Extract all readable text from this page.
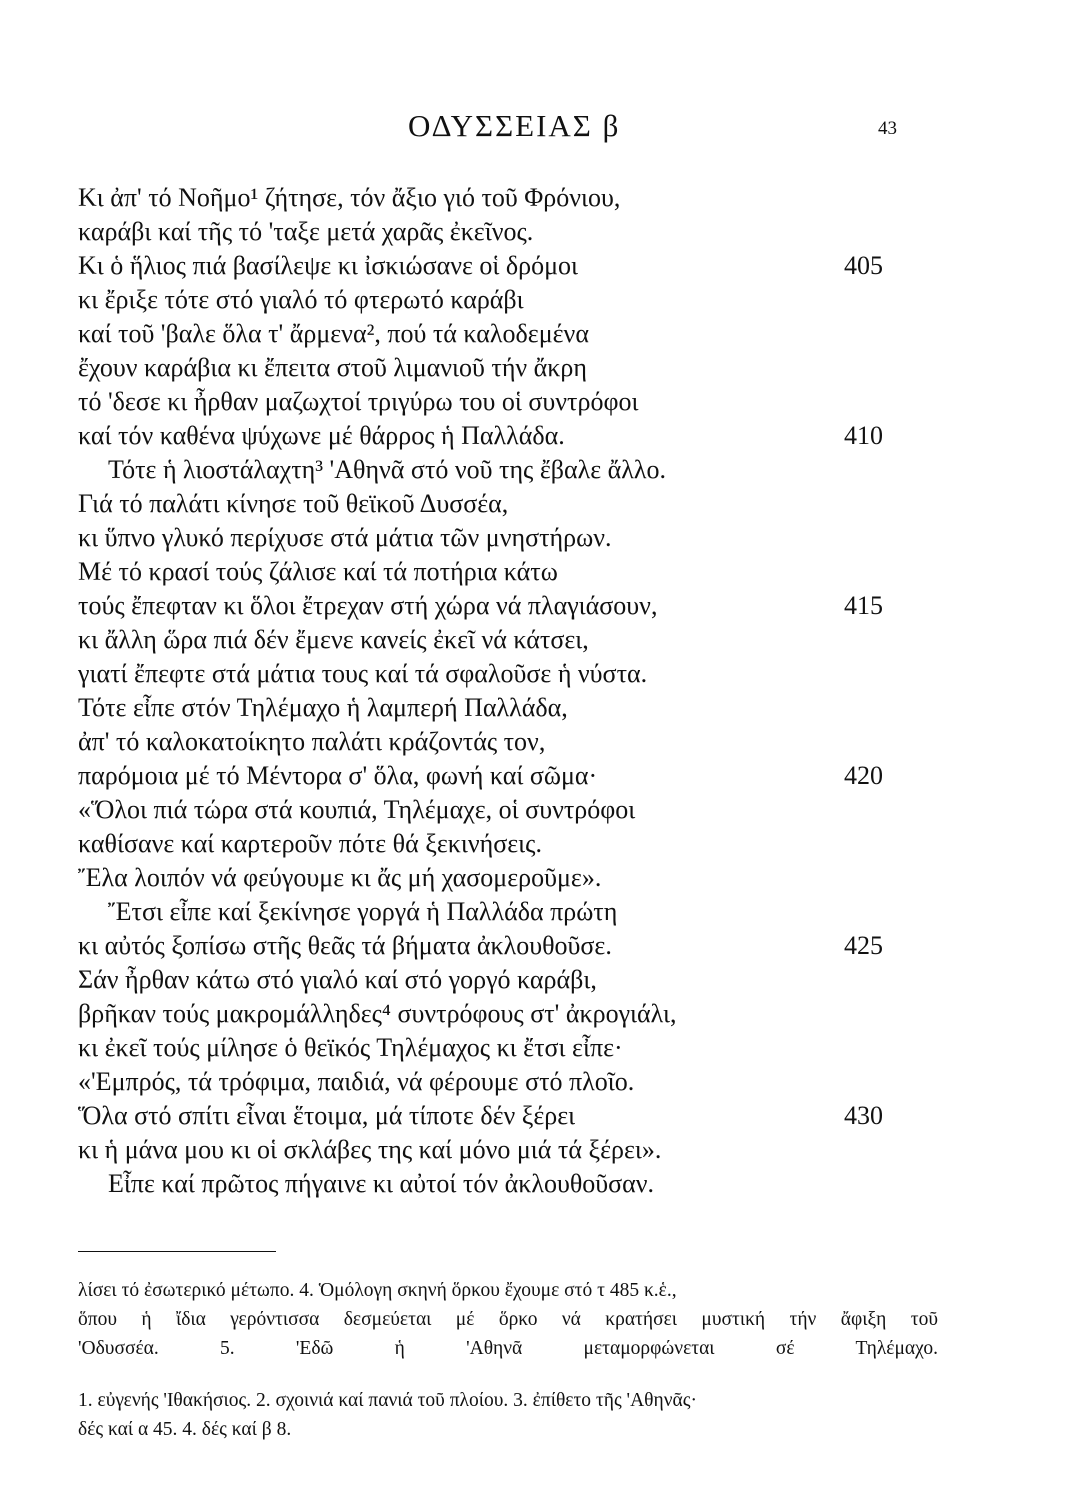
ΟΔΥΣΣΕΙΑΣ β	43
Κι ἀπ' τό Νοῆμο¹ ζήτησε, τόν ἄξιο γιό τοῦ Φρόνιου,
καράβι καί τῆς τό 'ταξε μετά χαρᾶς ἐκεῖνος.
Κι ὁ ἥλιος πιά βασίλεψε κι ἰσκιώσανε οἱ δρόμοι	405
κι ἔριξε τότε στό γιαλό τό φτερωτό καράβι
καί τοῦ 'βαλε ὅλα τ' ἄρμενα², πού τά καλοδεμένα
ἔχουν καράβια κι ἔπειτα στοῦ λιμανιοῦ τήν ἄκρη
τό 'δεσε κι ἦρθαν μαζωχτοί τριγύρω του οἱ συντρόφοι
καί τόν καθένα ψύχωνε μέ θάρρος ἡ Παλλάδα.	410
Τότε ἡ λιοστάλαχτη³ 'Αθηνᾶ στό νοῦ της ἔβαλε ἄλλο.
Γιά τό παλάτι κίνησε τοῦ θεϊκοῦ Δυσσέα,
κι ὕπνο γλυκό περίχυσε στά μάτια τῶν μνηστήρων.
Μέ τό κρασί τούς ζάλισε καί τά ποτήρια κάτω
τούς ἔπεφταν κι ὅλοι ἔτρεχαν στή χώρα νά πλαγιάσουν,	415
κι ἄλλη ὥρα πιά δέν ἔμενε κανείς ἐκεῖ νά κάτσει,
γιατί ἔπεφτε στά μάτια τους καί τά σφαλοῦσε ἡ νύστα.
Τότε εἶπε στόν Τηλέμαχο ἡ λαμπερή Παλλάδα,
ἀπ' τό καλοκατοίκητο παλάτι κράζοντάς τον,
παρόμοια μέ τό Μέντορα σ' ὅλα, φωνή καί σῶμα·	420
«Ὅλοι πιά τώρα στά κουπιά, Τηλέμαχε, οἱ συντρόφοι
καθίσανε καί καρτεροῦν πότε θά ξεκινήσεις.
Ἔλα λοιπόν νά φεύγουμε κι ἄς μή χασομεροῦμε».
Ἔτσι εἶπε καί ξεκίνησε γοργά ἡ Παλλάδα πρώτη
κι αὐτός ξοπίσω στῆς θεᾶς τά βήματα ἀκλουθοῦσε.	425
Σάν ἦρθαν κάτω στό γιαλό καί στό γοργό καράβι,
βρῆκαν τούς μακρομάλληδες⁴ συντρόφους στ' ἀκρογιάλι,
κι ἐκεῖ τούς μίλησε ὁ θεϊκός Τηλέμαχος κι ἔτσι εἶπε·
«'Εμπρός, τά τρόφιμα, παιδιά, νά φέρουμε στό πλοῖο.
Ὅλα στό σπίτι εἶναι ἕτοιμα, μά τίποτε δέν ξέρει	430
κι ἡ μάνα μου κι οἱ σκλάβες της καί μόνο μιά τά ξέρει».
Εἶπε καί πρῶτος πήγαινε κι αὐτοί τόν ἀκλουθοῦσαν.
λίσει τό ἐσωτερικό μέτωπο. 4. Ὁμόλογη σκηνή ὅρκου ἔχουμε στό τ 485 κ.ἑ.,
ὅπου ἡ ἴδια γερόντισσα δεσμεύεται μέ ὅρκο νά κρατήσει μυστική τήν ἄφιξη τοῦ
'Οδυσσέα. 5. 'Εδῶ ἡ 'Αθηνᾶ μεταμορφώνεται σέ Τηλέμαχο.
1. εὐγενής 'Ιθακήσιος. 2. σχοινιά καί πανιά τοῦ πλοίου. 3. ἐπίθετο τῆς 'Αθηνᾶς·
δές καί α 45. 4. δές καί β 8.
